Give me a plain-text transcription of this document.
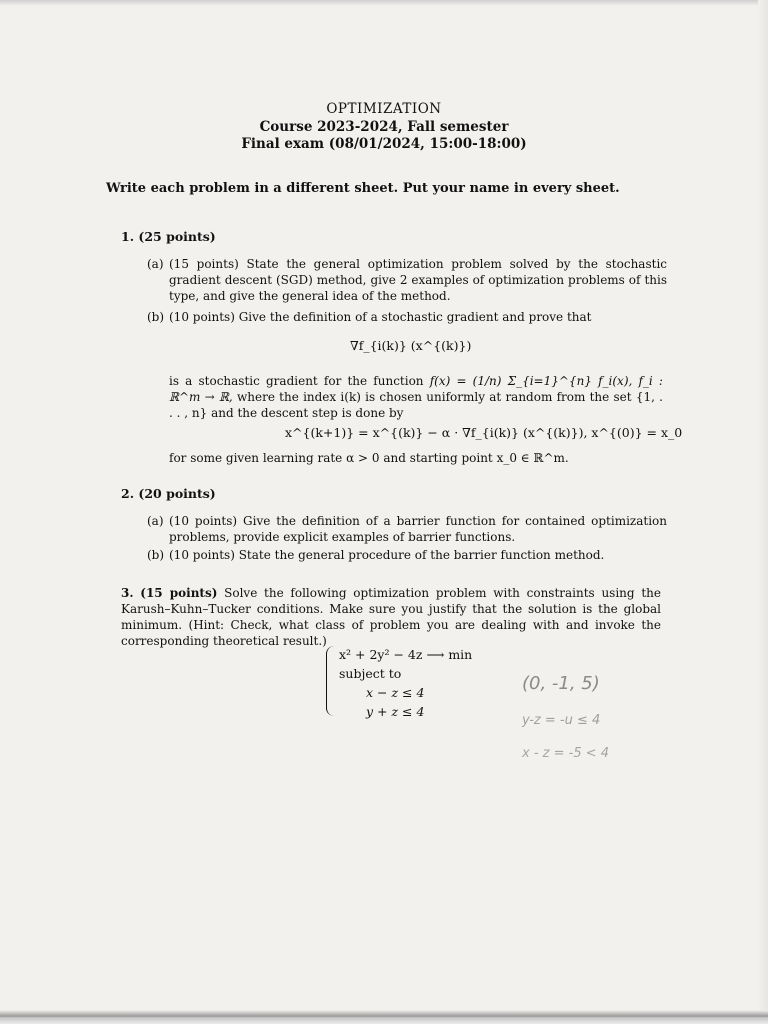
OPTIMIZATION
Course 2023-2024, Fall semester
Final exam (08/01/2024, 15:00-18:00)
Write each problem in a different sheet. Put your name in every sheet.
1. (25 points)
(a) (15 points) State the general optimization problem solved by the stochastic gradient descent (SGD) method, give 2 examples of optimization problems of this type, and give the general idea of the method.
(b) (10 points) Give the definition of a stochastic gradient and prove that
∇f_{i(k)} (x^{(k)})
is a stochastic gradient for the function f(x) = (1/n) Σ_{i=1}^{n} f_i(x), f_i : ℝ^m → ℝ, where the index i(k) is chosen uniformly at random from the set {1, . . . , n} and the descent step is done by
x^{(k+1)} = x^{(k)} − α · ∇f_{i(k)} (x^{(k)}), x^{(0)} = x_0
for some given learning rate α > 0 and starting point x_0 ∈ ℝ^m.
2. (20 points)
(a) (10 points) Give the definition of a barrier function for contained optimization problems, provide explicit examples of barrier functions.
(b) (10 points) State the general procedure of the barrier function method.
3. (15 points) Solve the following optimization problem with constraints using the Karush–Kuhn–Tucker conditions. Make sure you justify that the solution is the global minimum. (Hint: Check, what class of problem you are dealing with and invoke the corresponding theoretical result.)
x² + 2y² − 4z ⟶ min
subject to
x − z ≤ 4
y + z ≤ 4
(0, -1, 5)
y-z = -u ≤ 4
x - z = -5 < 4
